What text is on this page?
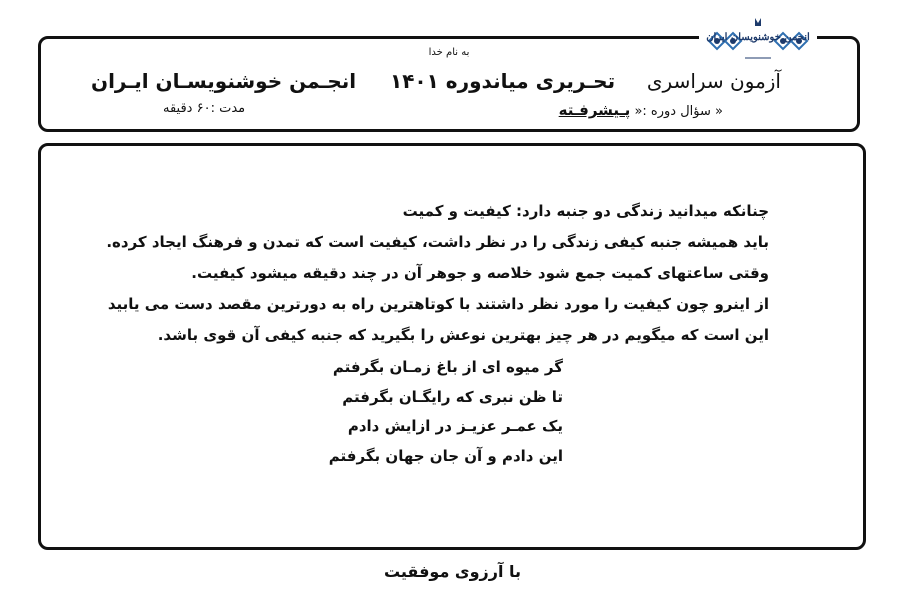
انجمن خوشنویسان ایران
به نام خدا
آزمون سراسری     تحـریری میاندوره ۱۴۰۱
انجـمن خوشنویسـان ایـران
سؤال دوره :« پـیشرفـته	»
مدت :۶۰ دقیقه
چنانکه میدانید زندگی دو جنبه دارد: کیفیت و کمیت
باید همیشه جنبه کیفی زندگی را در نظر داشت، کیفیت است که تمدن و فرهنگ ایجاد کرده.
وقتی ساعتهای کمیت جمع شود خلاصه و جوهر آن در چند دقیقه میشود کیفیت.
از اینرو چون کیفیت را مورد نظر داشتند با کوتاهترین راه به دورترین مقصد دست می یابید
این است که میگویم در هر چیز بهترین نوعش را بگیرید که جنبه کیفی آن قوی باشد.
گر میوه ای از باغ زمـان بگرفتم
تا ظن نبری که رایگـان بگرفتم
یک عمـر عزیـز در ازایش دادم
این دادم و آن جان جهان بگرفتم
با آرزوی موفقیت
